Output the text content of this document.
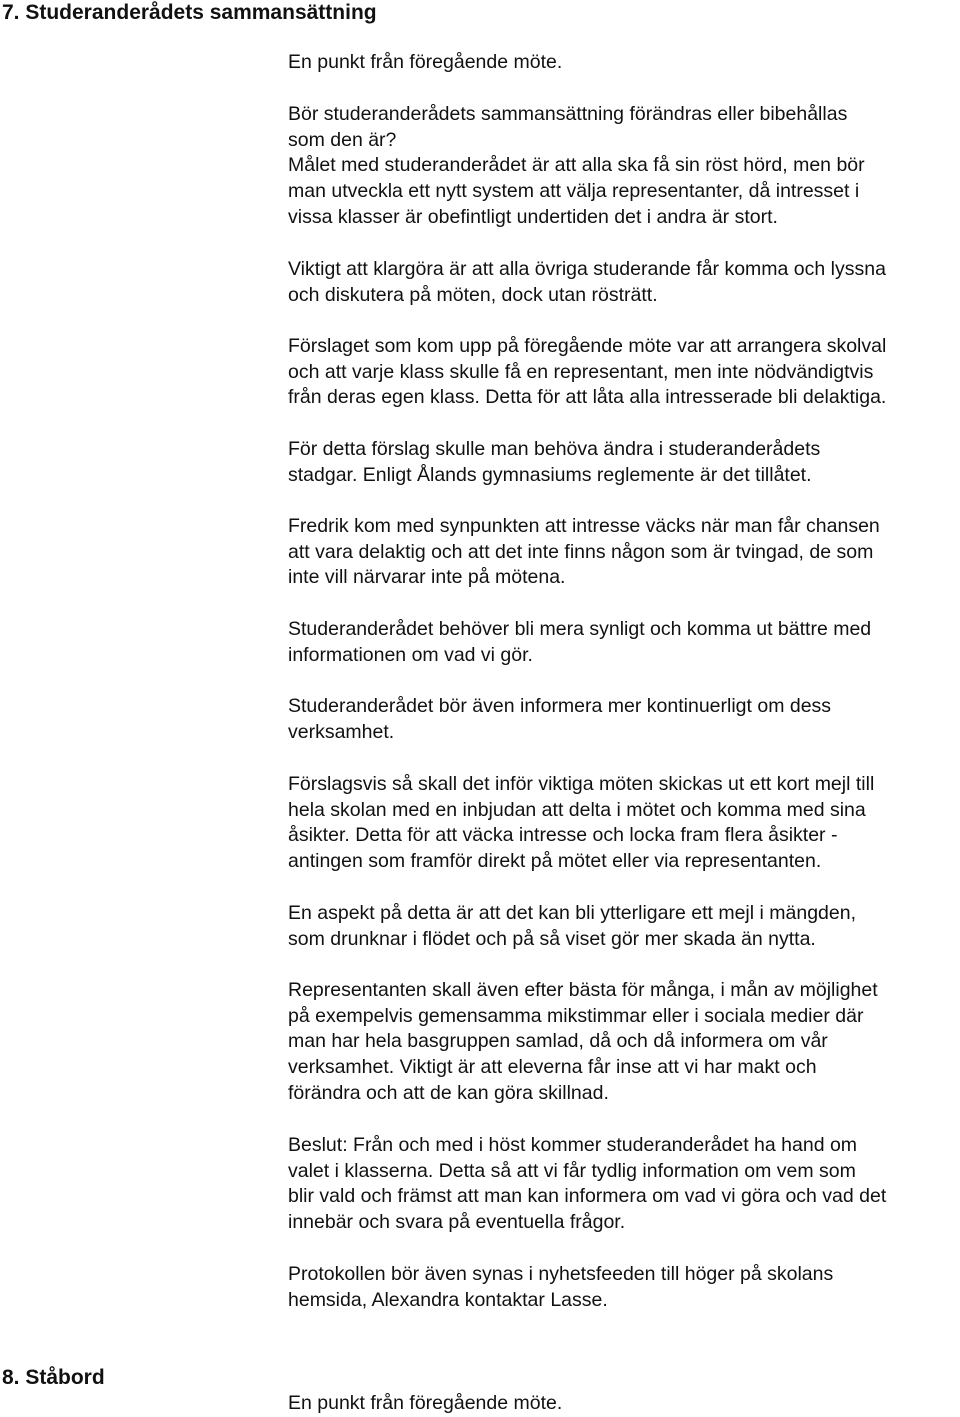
7. Studeranderådets sammansättning

En punkt från föregående möte.

Bör studeranderådets sammansättning förändras eller bibehållas
som den är?
Målet med studeranderådet är att alla ska få sin röst hörd, men bör
man utveckla ett nytt system att välja representanter, då intresset i
vissa klasser är obefintligt undertiden det i andra är stort.

Viktigt att klargöra är att alla övriga studerande får komma och lyssna
och diskutera på möten, dock utan rösträtt.

Förslaget som kom upp på föregående möte var att arrangera skolval
och att varje klass skulle få en representant, men inte nödvändigtvis
från deras egen klass. Detta för att låta alla intresserade bli delaktiga.

För detta förslag skulle man behöva ändra i studeranderådets
stadgar. Enligt Ålands gymnasiums reglemente är det tillåtet.

Fredrik kom med synpunkten att intresse väcks när man får chansen
att vara delaktig och att det inte finns någon som är tvingad, de som
inte vill närvarar inte på mötena.

Studeranderådet behöver bli mera synligt och komma ut bättre med
informationen om vad vi gör.

Studeranderådet bör även informera mer kontinuerligt om dess
verksamhet.

Förslagsvis så skall det inför viktiga möten skickas ut ett kort mejl till
hela skolan med en inbjudan att delta i mötet och komma med sina
åsikter. Detta för att väcka intresse och locka fram flera åsikter -
antingen som framför direkt på mötet eller via representanten.

En aspekt på detta är att det kan bli ytterligare ett mejl i mängden,
som drunknar i flödet och på så viset gör mer skada än nytta.

Representanten skall även efter bästa för många, i mån av möjlighet
på exempelvis gemensamma mikstimmar eller i sociala medier där
man har hela basgruppen samlad, då och då informera om vår
verksamhet. Viktigt är att eleverna får inse att vi har makt och
förändra och att de kan göra skillnad.

Beslut: Från och med i höst kommer studeranderådet ha hand om
valet i klasserna. Detta så att vi får tydlig information om vem som
blir vald och främst att man kan informera om vad vi göra och vad det
innebär och svara på eventuella frågor.

Protokollen bör även synas i nyhetsfeeden till höger på skolans
hemsida, Alexandra kontaktar Lasse.

8. Ståbord

En punkt från föregående möte.
